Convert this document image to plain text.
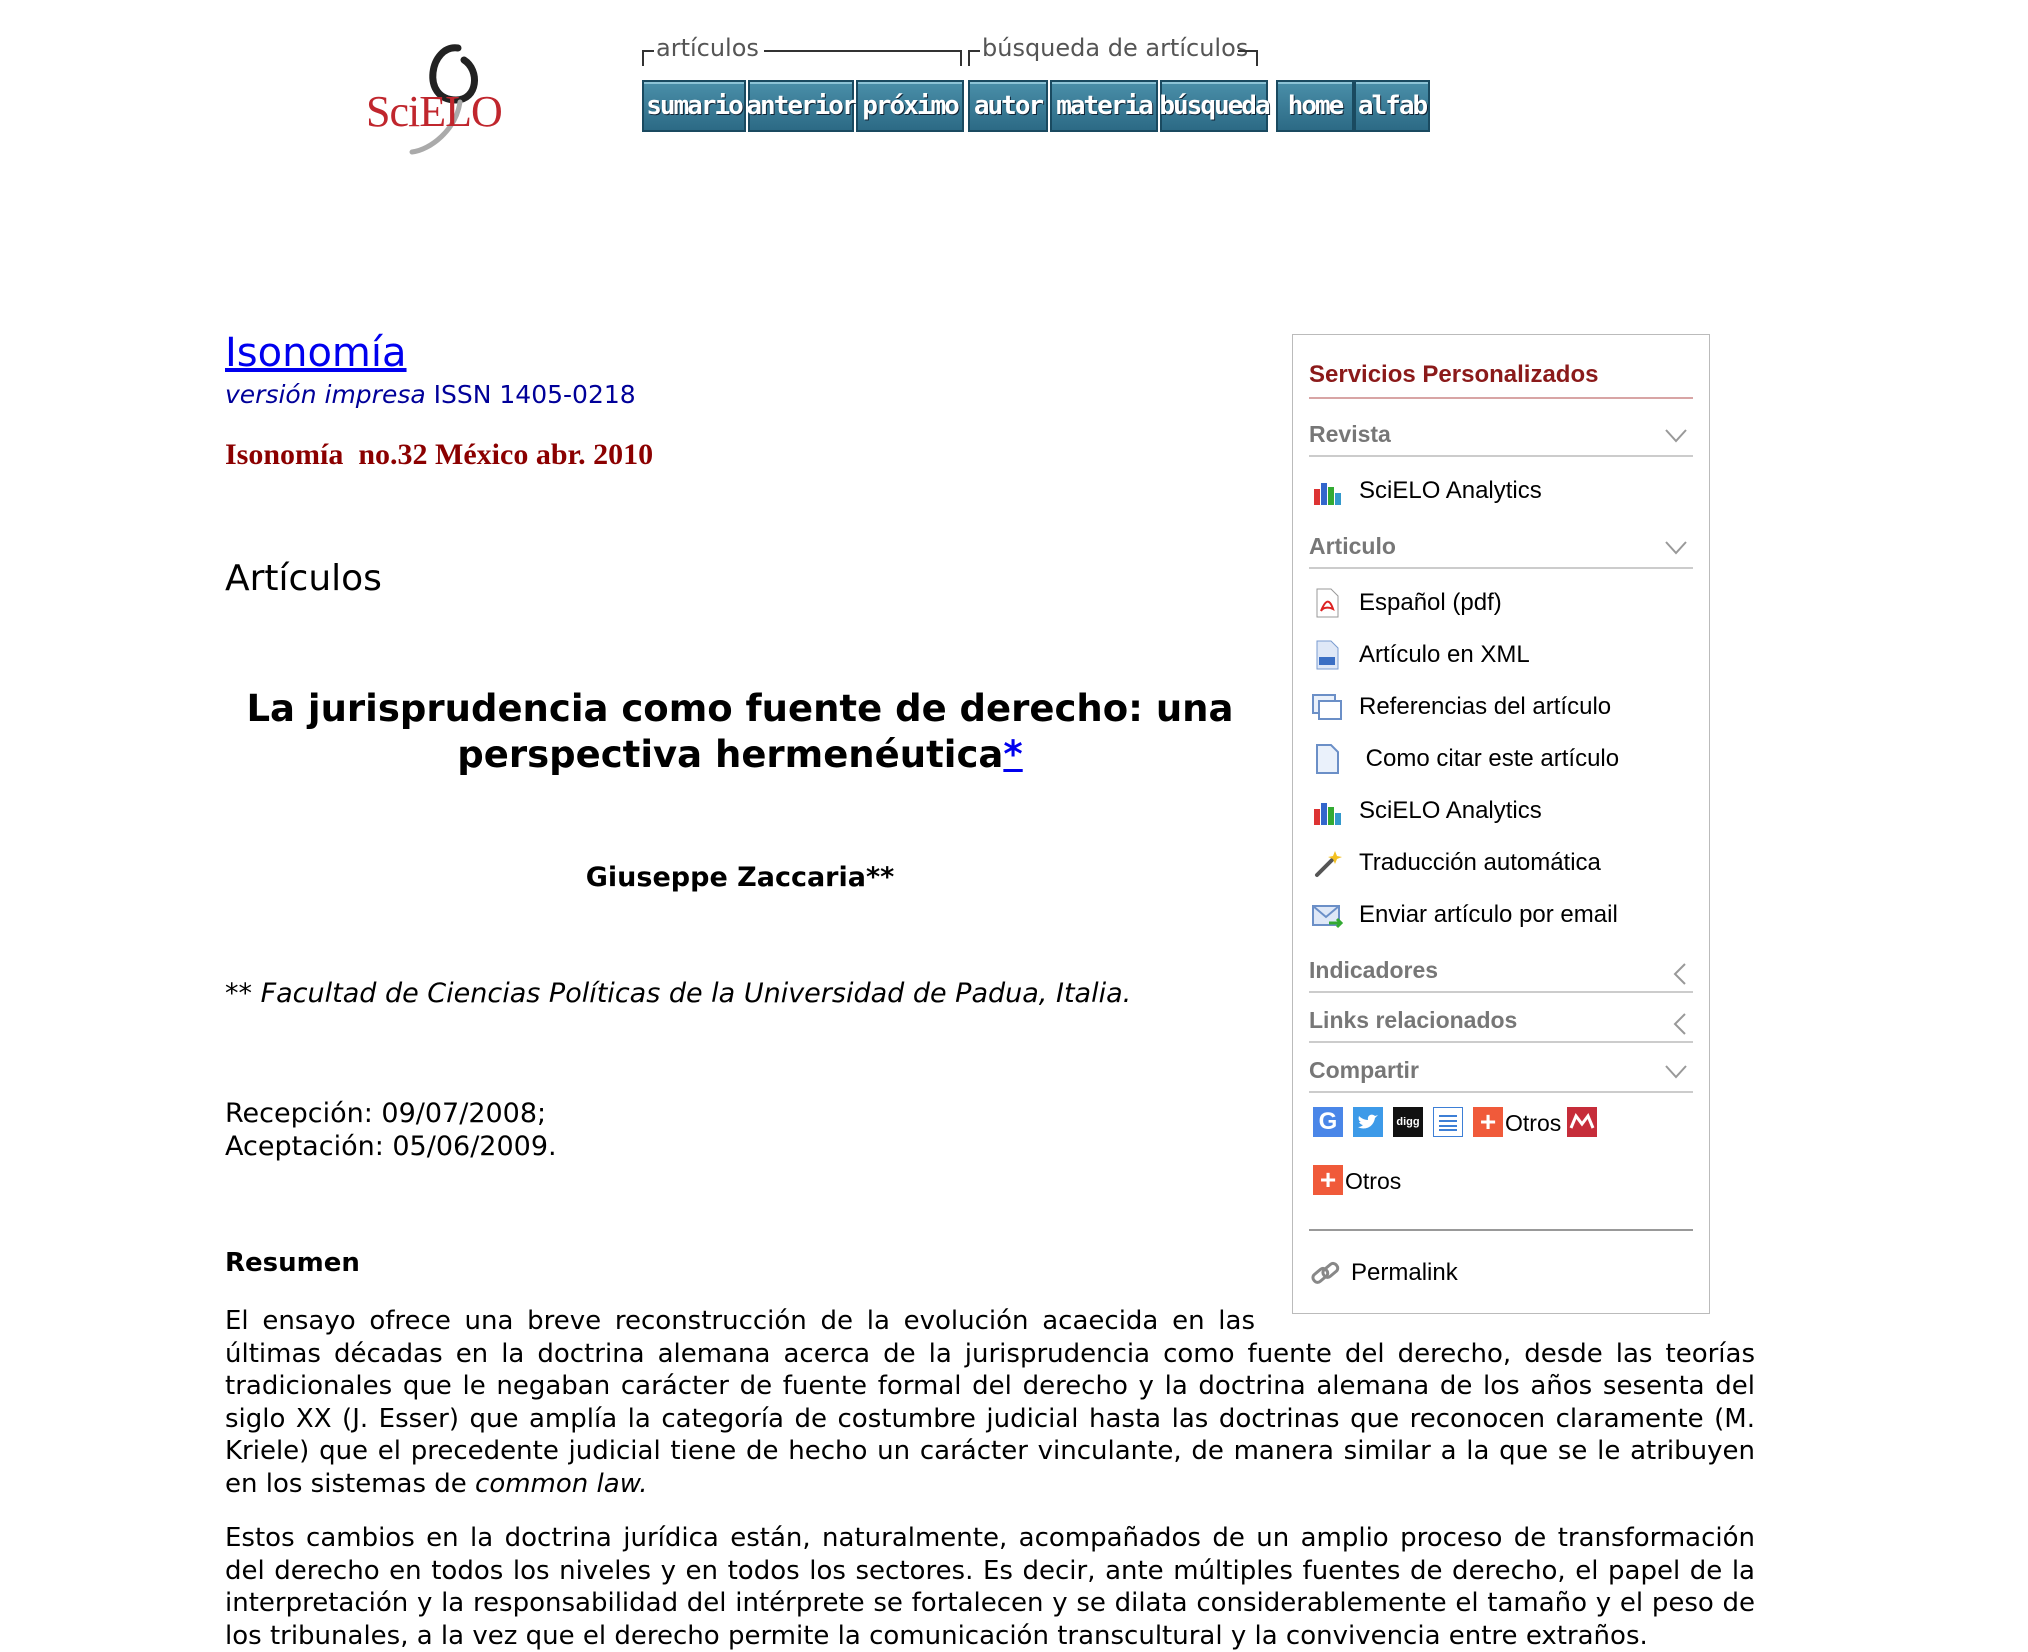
SciELO
artículos
sumario anterior próximo
búsqueda de artículos
autor materia búsqueda home alfab
Isonomía
versión impresa ISSN 1405-0218
Isonomía  no.32 México abr. 2010
Artículos
La jurisprudencia como fuente de derecho: una perspectiva hermenéutica*
Giuseppe Zaccaria**
** Facultad de Ciencias Políticas de la Universidad de Padua, Italia.
Recepción: 09/07/2008;
Aceptación: 05/06/2009.
Resumen
El ensayo ofrece una breve reconstrucción de la evolución acaecida en las
últimas décadas en la doctrina alemana acerca de la jurisprudencia como fuente del derecho, desde las teorías tradicionales que le negaban carácter de fuente formal del derecho y la doctrina alemana de los años sesenta del siglo XX (J. Esser) que amplía la categoría de costumbre judicial hasta las doctrinas que reconocen claramente (M. Kriele) que el precedente judicial tiene de hecho un carácter vinculante, de manera similar a la que se le atribuyen en los sistemas de common law.
Estos cambios en la doctrina jurídica están, naturalmente, acompañados de un amplio proceso de transformación del derecho en todos los niveles y en todos los sectores. Es decir, ante múltiples fuentes de derecho, el papel de la interpretación y la responsabilidad del intérprete se fortalecen y se dilata considerablemente el tamaño y el peso de los tribunales, a la vez que el derecho permite la comunicación transcultural y la convivencia entre extraños.
Servicios Personalizados
Revista
SciELO Analytics
Articulo
Español (pdf)
Artículo en XML
Referencias del artículo
Como citar este artículo
SciELO Analytics
Traducción automática
Enviar artículo por email
Indicadores
Links relacionados
Compartir
G	digg + Otros
+ Otros
Permalink
